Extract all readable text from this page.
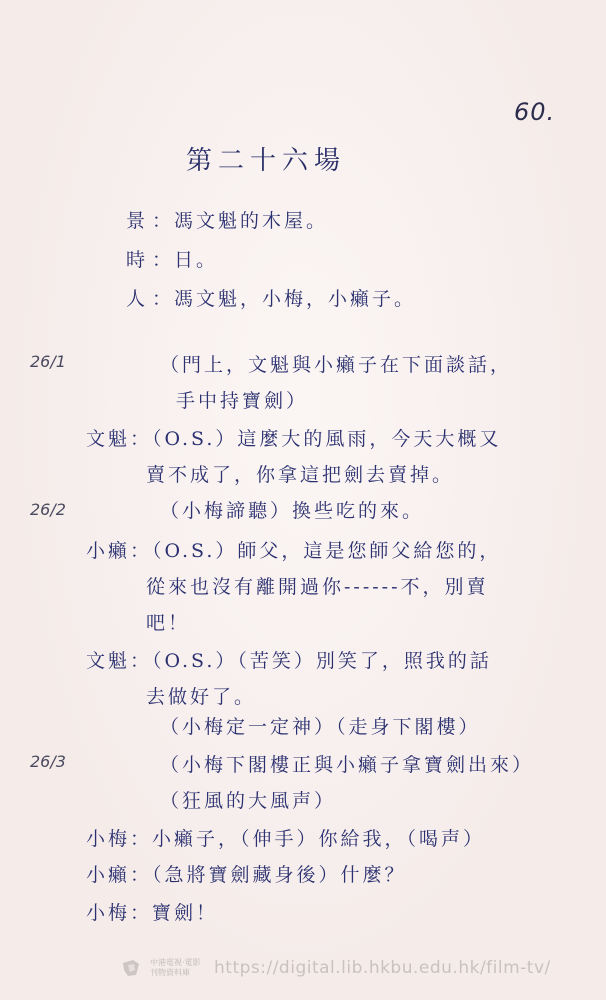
60.
第二十六場
景 ：馮文魁的木屋。
時 ：日。
人 ：馮文魁，小梅，小癩子。
26/1
26/2
26/3
（門上，文魁與小癩子在下面談話，
手中持寶劍）
文魁：（O.S.）這麼大的風雨，今天大概又
賣不成了，你拿這把劍去賣掉。
（小梅諦聽）換些吃的來。
小癩：（O.S.）師父，這是您師父給您的，
從來也沒有離開過你------不，別賣
吧！
文魁：（O.S.）（苦笑）別笑了，照我的話
去做好了。
（小梅定一定神）（走身下閣樓）
（小梅下閣樓正與小癩子拿寶劍出來）
（狂風的大風声）
小梅：小癩子，（伸手）你給我，（喝声）
小癩：（急將寶劍藏身後）什麼？
小梅：寶劍！
中港電視·電影
刊物資料庫	https://digital.lib.hkbu.edu.hk/film-tv/
